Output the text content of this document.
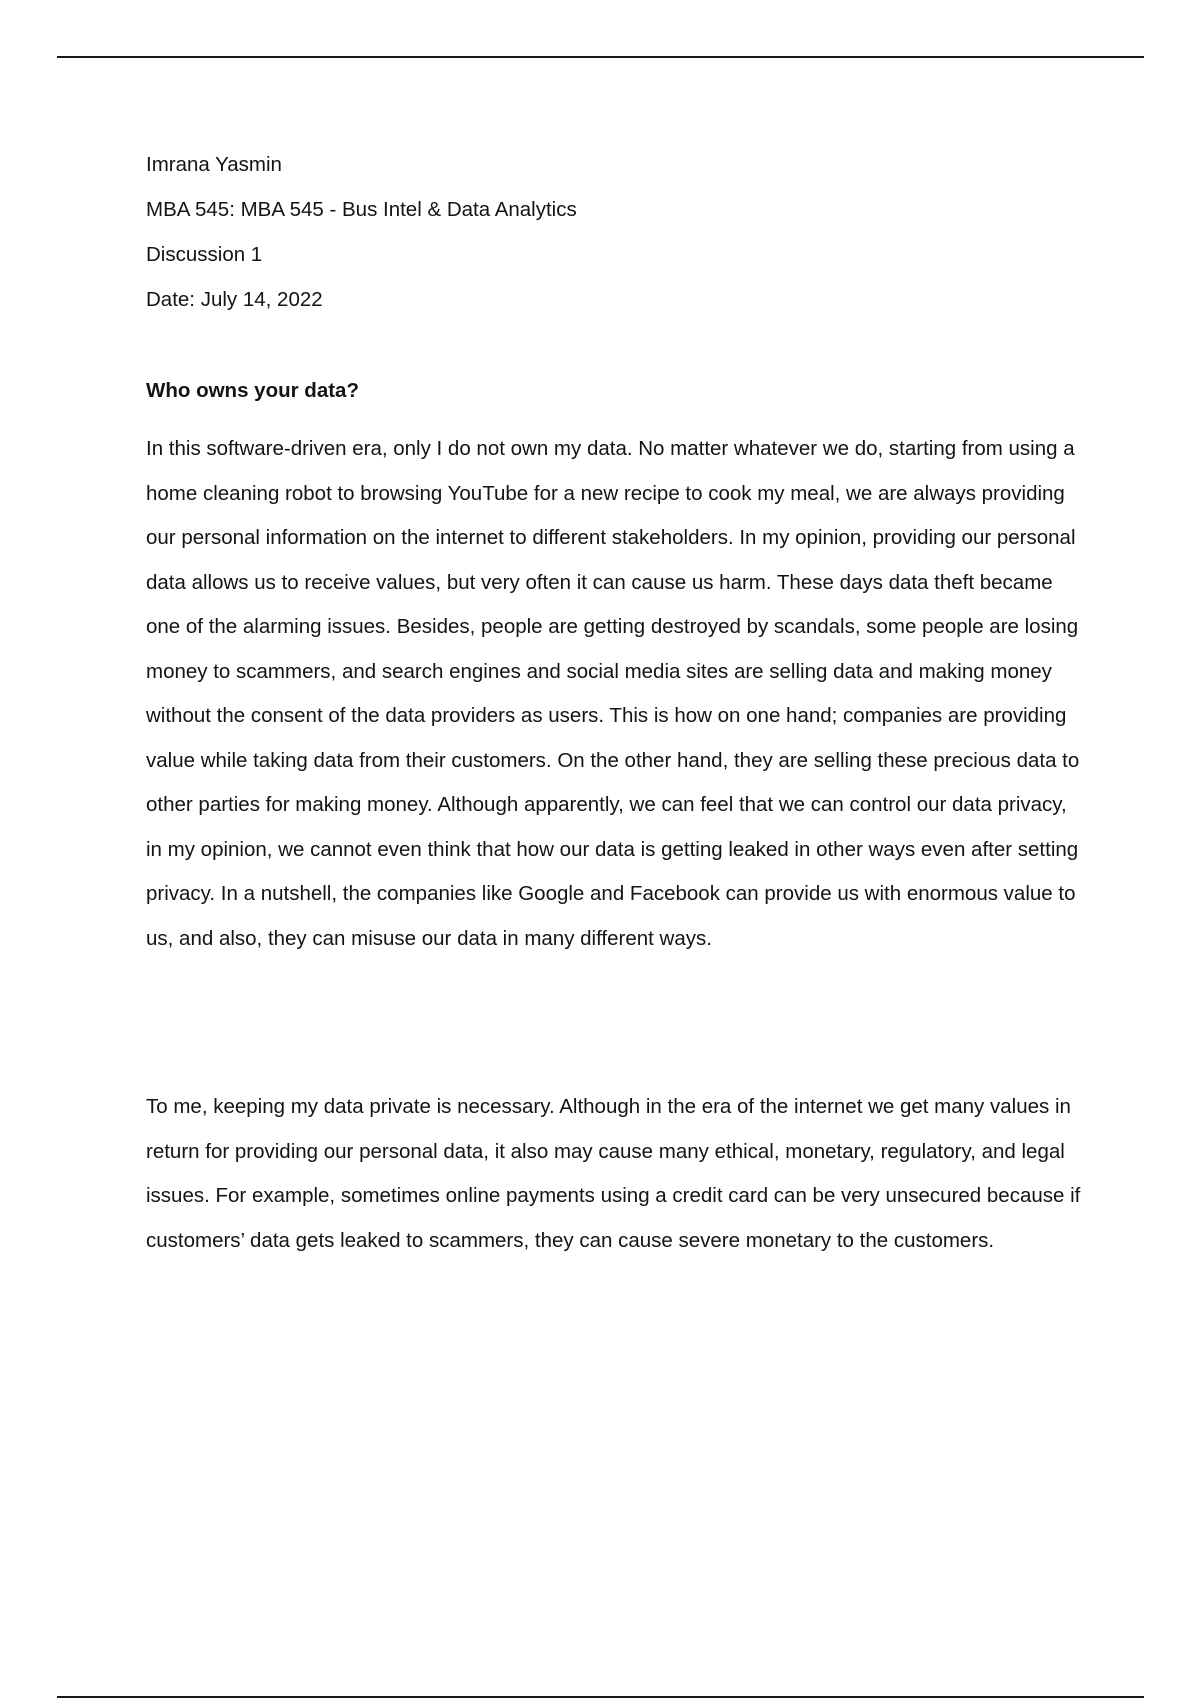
Imrana Yasmin

MBA 545: MBA 545 - Bus Intel & Data Analytics

Discussion 1

Date: July 14, 2022

Who owns your data?

In this software-driven era, only I do not own my data. No matter whatever we do, starting from using a home cleaning robot to browsing YouTube for a new recipe to cook my meal, we are always providing our personal information on the internet to different stakeholders. In my opinion, providing our personal data allows us to receive values, but very often it can cause us harm. These days data theft became one of the alarming issues. Besides, people are getting destroyed by scandals, some people are losing money to scammers, and search engines and social media sites are selling data and making money without the consent of the data providers as users. This is how on one hand; companies are providing value while taking data from their customers. On the other hand, they are selling these precious data to other parties for making money. Although apparently, we can feel that we can control our data privacy, in my opinion, we cannot even think that how our data is getting leaked in other ways even after setting privacy. In a nutshell, the companies like Google and Facebook can provide us with enormous value to us, and also, they can misuse our data in many different ways.

To me, keeping my data private is necessary. Although in the era of the internet we get many values in return for providing our personal data, it also may cause many ethical, monetary, regulatory, and legal issues. For example, sometimes online payments using a credit card can be very unsecured because if customers’ data gets leaked to scammers, they can cause severe monetary to the customers.
